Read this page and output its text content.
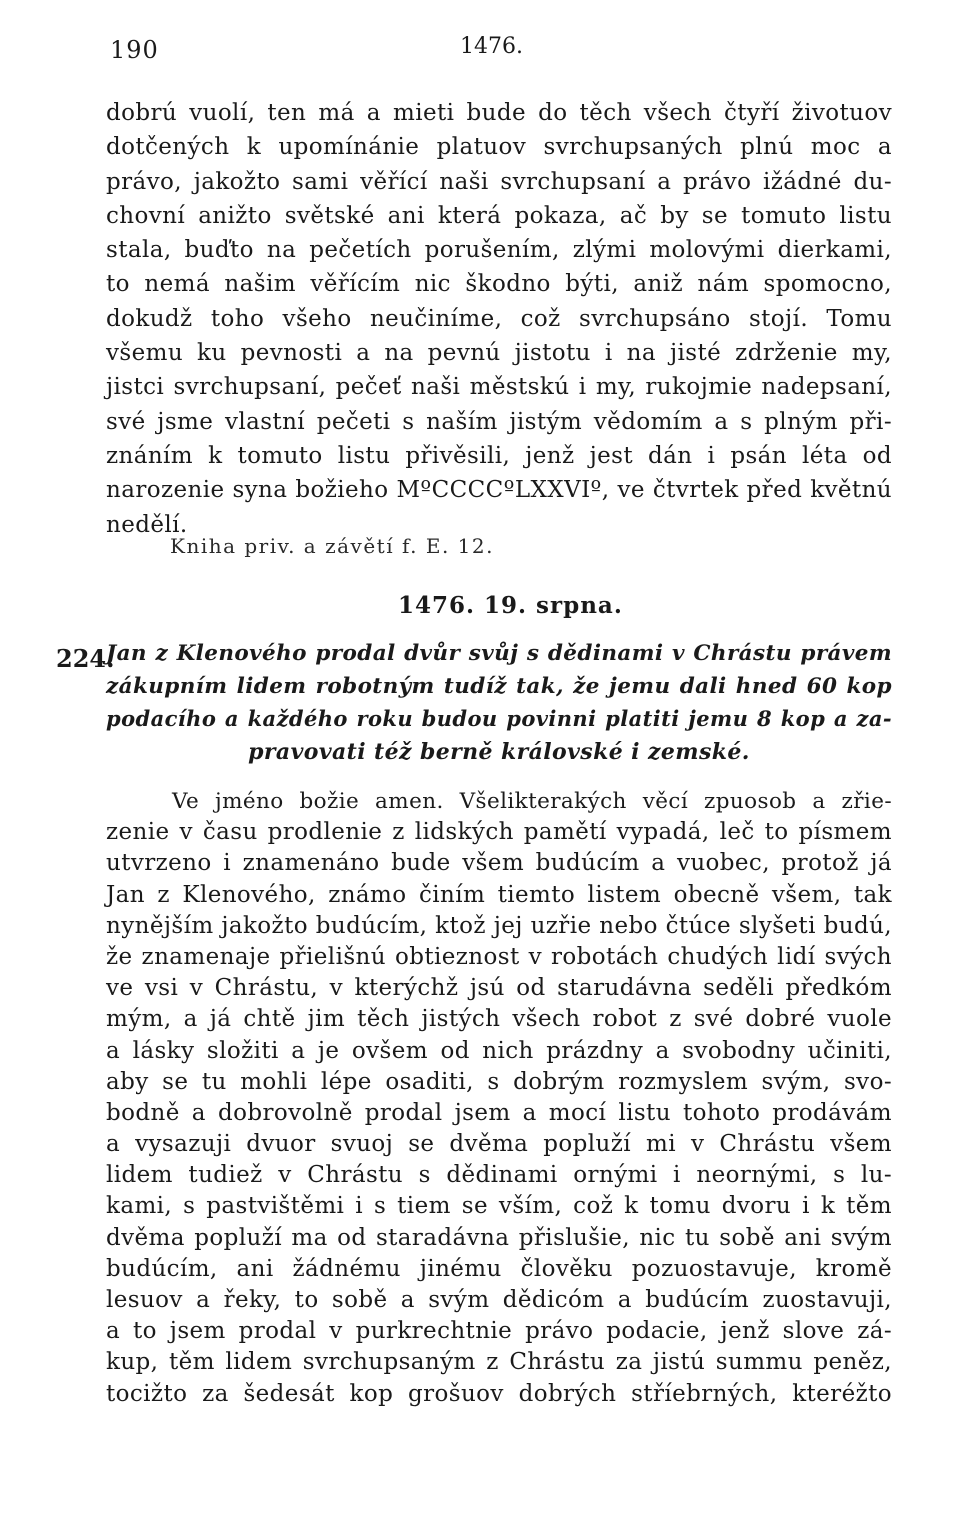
190	1476.
dobrú vuolí, ten má a mieti bude do těch všech čtyří životuov
dotčených k upomínánie platuov svrchupsaných plnú moc a
právo, jakožto sami věřící naši svrchupsaní a právo ižádné du-
chovní anižto světské ani která pokaza, ač by se tomuto listu
stala, buďto na pečetích porušením, zlými molovými dierkami,
to nemá našim věřícím nic škodno býti, aniž nám spomocno,
dokudž toho všeho neučiníme, což svrchupsáno stojí. Tomu
všemu ku pevnosti a na pevnú jistotu i na jisté zdrženie my,
jistci svrchupsaní, pečeť naši městskú i my, rukojmie nadepsaní,
své jsme vlastní pečeti s naším jistým vědomím a s plným při-
znáním k tomuto listu přivěsili, jenž jest dán i psán léta od
narozenie syna božieho MºCCCCºLXXVIº, ve čtvrtek před květnú
nedělí.
Kniha priv. a závětí f. E. 12.
1476. 19. srpna.
224.
Jan z Klenového prodal dvůr svůj s dědinami v Chrástu právem
zákupním lidem robotným tudíž tak, že jemu dali hned 60 kop
podacího a každého roku budou povinni platiti jemu 8 kop a za-
pravovati též berně královské i zemské.
Ve jméno božie amen. Všelikterakých věcí zpuosob a zřie-
zenie v času prodlenie z lidských pamětí vypadá, leč to písmem
utvrzeno i znamenáno bude všem budúcím a vuobec, protož já
Jan z Klenového, známo činím tiemto listem obecně všem, tak
nynějším jakožto budúcím, ktož jej uzřie nebo čtúce slyšeti budú,
že znamenaje přielišnú obtieznost v robotách chudých lidí svých
ve vsi v Chrástu, v kterýchž jsú od starudávna seděli předkóm
mým, a já chtě jim těch jistých všech robot z své dobré vuole
a lásky složiti a je ovšem od nich prázdny a svobodny učiniti,
aby se tu mohli lépe osaditi, s dobrým rozmyslem svým, svo-
bodně a dobrovolně prodal jsem a mocí listu tohoto prodávám
a vysazuji dvuor svuoj se dvěma popluží mi v Chrástu všem
lidem tudiež v Chrástu s dědinami ornými i neornými, s lu-
kami, s pastvištěmi i s tiem se vším, což k tomu dvoru i k těm
dvěma popluží ma od staradávna přislušie, nic tu sobě ani svým
budúcím, ani žádnému jinému člověku pozuostavuje, kromě
lesuov a řeky, to sobě a svým dědicóm a budúcím zuostavuji,
a to jsem prodal v purkrechtnie právo podacie, jenž slove zá-
kup, těm lidem svrchupsaným z Chrástu za jistú summu peněz,
tocižto za šedesát kop grošuov dobrých stříebrných, kteréžto
